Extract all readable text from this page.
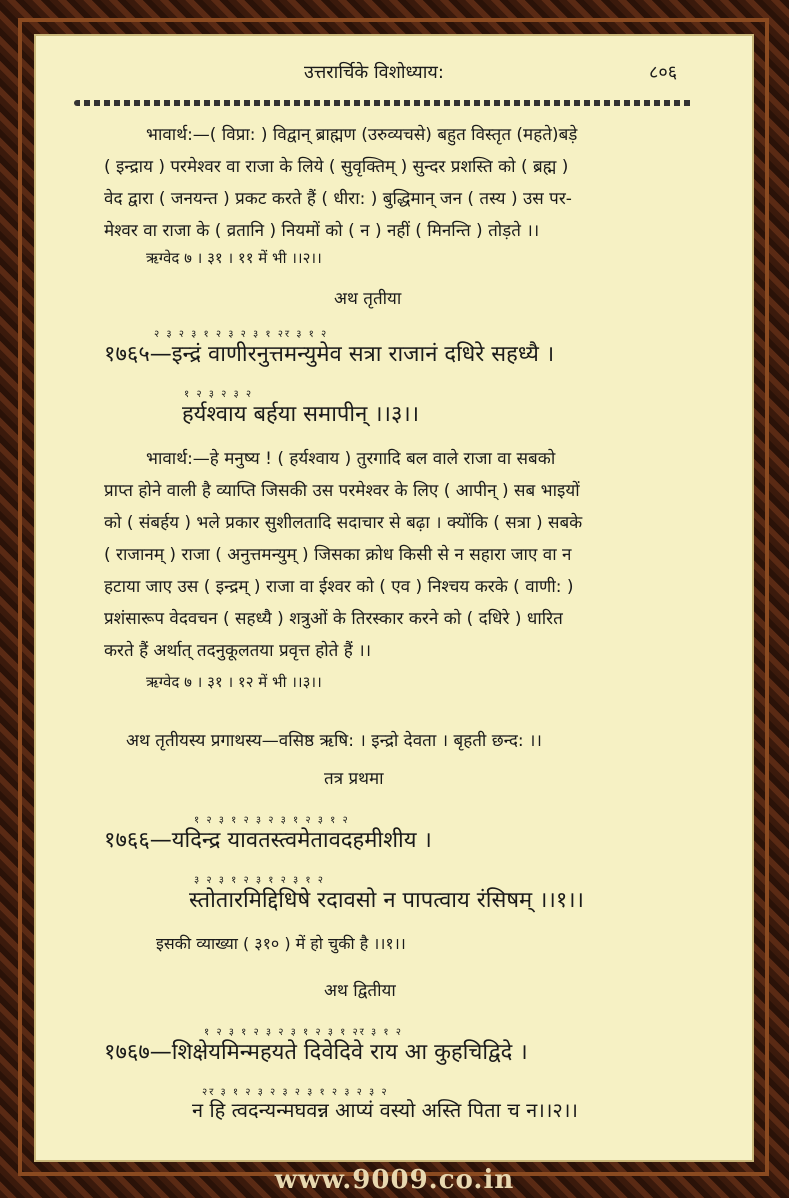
उत्तरार्चिके विशोध्याय:	८०६
भावार्थ:—( विप्रा: ) विद्वान् ब्राह्मण (उरुव्यचसे) बहुत विस्तृत (महते)बड़े
( इन्द्राय ) परमेश्वर वा राजा के लिये ( सुवृक्तिम् ) सुन्दर प्रशस्ति को ( ब्रह्म )
वेद द्वारा ( जनयन्त ) प्रकट करते हैं ( धीरा: ) बुद्धिमान् जन ( तस्य ) उस पर-
मेश्वर वा राजा के ( व्रतानि ) नियमों को ( न ) नहीं ( मिनन्ति ) तोड़ते ।।
ऋग्वेद ७ । ३१ । ११ में भी ।।२।।
अथ तृतीया
२ ३ २ ३ १ २ ३ २ ३ १ २र ३ १ २
१७६५—इन्द्रं वाणीरनुत्तमन्युमेव सत्रा राजानं दधिरे सहध्यै ।
१ २ ३ २ ३ २
हर्यश्वाय बर्हया समापीन् ।।३।।
भावार्थ:—हे मनुष्य ! ( हर्यश्वाय ) तुरगादि बल वाले राजा वा सबको
प्राप्त होने वाली है व्याप्ति जिसकी उस परमेश्वर के लिए ( आपीन् ) सब भाइयों
को ( संबर्हय ) भले प्रकार सुशीलतादि सदाचार से बढ़ा । क्योंकि ( सत्रा ) सबके
( राजानम् ) राजा ( अनुत्तमन्युम् ) जिसका क्रोध किसी से न सहारा जाए वा न
हटाया जाए उस ( इन्द्रम् ) राजा वा ईश्वर को ( एव ) निश्चय करके ( वाणी: )
प्रशंसारूप वेदवचन ( सहध्यै ) शत्रुओं के तिरस्कार करने को ( दधिरे ) धारित
करते हैं अर्थात् तदनुकूलतया प्रवृत्त होते हैं ।।
ऋग्वेद ७ । ३१ । १२ में भी ।।३।।
अथ तृतीयस्य प्रगाथस्य—वसिष्ठ ऋषि: । इन्द्रो देवता । बृहती छन्द: ।।
तत्र प्रथमा
१ २ ३ १ २ ३ २ ३ १ २ ३ १ २
१७६६—यदिन्द्र यावतस्त्वमेतावदहमीशीय ।
३ २ ३ १ २ ३ १ २ ३ १ २
स्तोतारमिद्दिधिषे रदावसो न पापत्वाय रंसिषम् ।।१।।
इसकी व्याख्या ( ३१० ) में हो चुकी है ।।१।।
अथ द्वितीया
१ २ ३ १ २ ३ २ ३ १ २ ३ १ २र ३ १ २
१७६७—शिक्षेयमिन्महयते दिवेदिवे राय आ कुहचिद्विदे ।
२र ३ १ २ ३ २ ३ २ ३ १ २ ३ २ ३ २
न हि त्वदन्यन्मघवन्न आप्यं वस्यो अस्ति पिता च न।।२।।
www.9009.co.in
